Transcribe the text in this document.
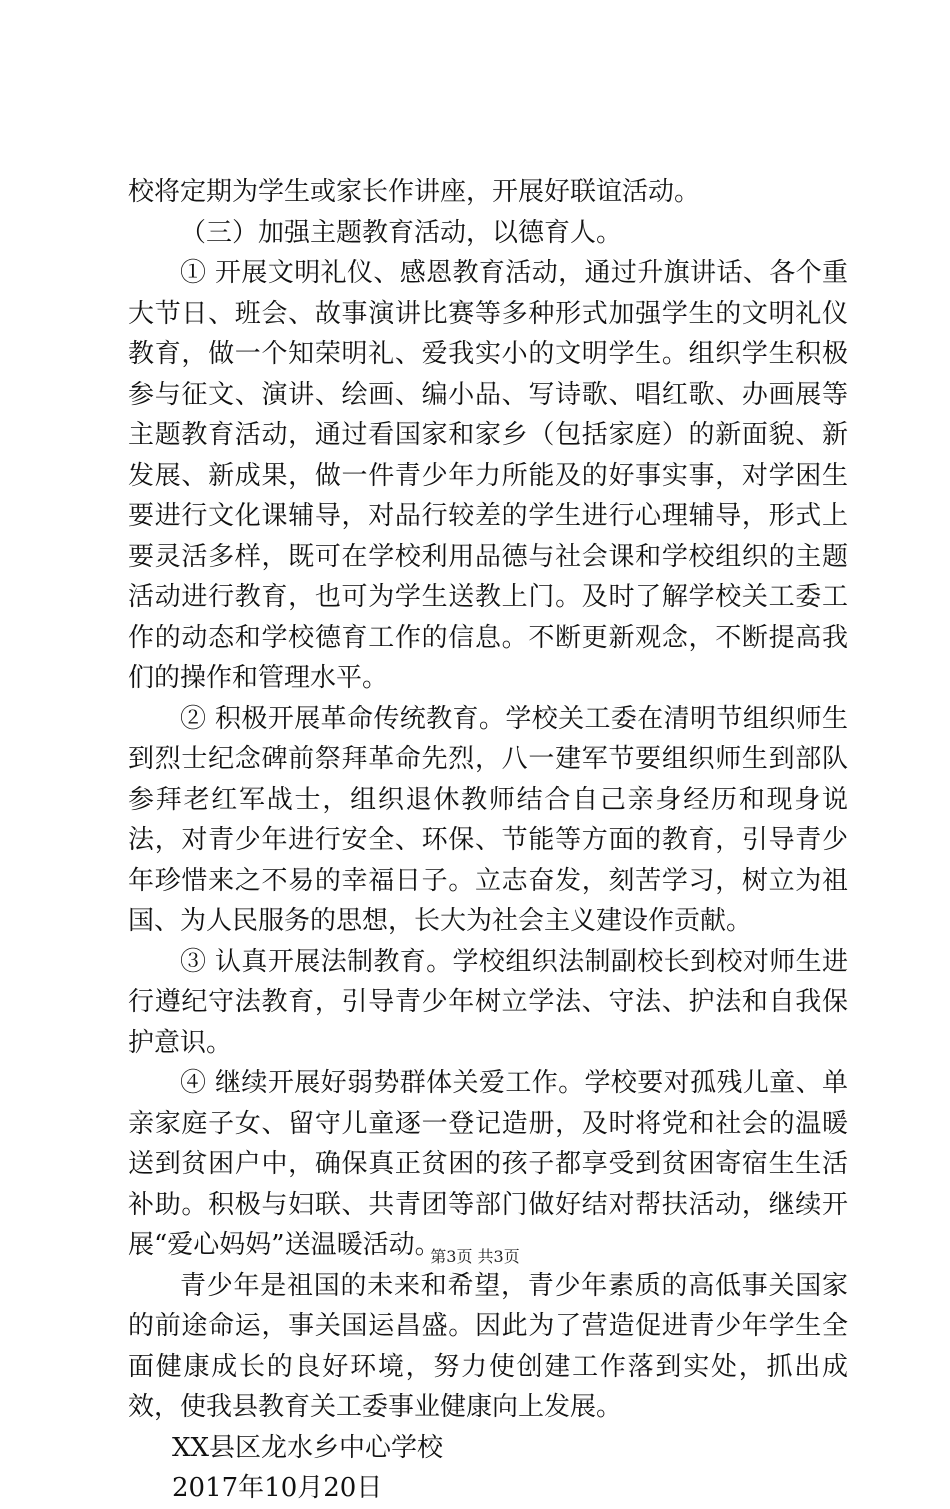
校将定期为学生或家长作讲座，开展好联谊活动。

（三）加强主题教育活动，以德育人。

① 开展文明礼仪、感恩教育活动，通过升旗讲话、各个重大节日、班会、故事演讲比赛等多种形式加强学生的文明礼仪教育，做一个知荣明礼、爱我实小的文明学生。组织学生积极参与征文、演讲、绘画、编小品、写诗歌、唱红歌、办画展等主题教育活动，通过看国家和家乡（包括家庭）的新面貌、新发展、新成果，做一件青少年力所能及的好事实事，对学困生要进行文化课辅导，对品行较差的学生进行心理辅导，形式上要灵活多样，既可在学校利用品德与社会课和学校组织的主题活动进行教育，也可为学生送教上门。及时了解学校关工委工作的动态和学校德育工作的信息。不断更新观念，不断提高我们的操作和管理水平。

② 积极开展革命传统教育。学校关工委在清明节组织师生到烈士纪念碑前祭拜革命先烈，八一建军节要组织师生到部队参拜老红军战士，组织退休教师结合自己亲身经历和现身说法，对青少年进行安全、环保、节能等方面的教育，引导青少年珍惜来之不易的幸福日子。立志奋发，刻苦学习，树立为祖国、为人民服务的思想，长大为社会主义建设作贡献。

③ 认真开展法制教育。学校组织法制副校长到校对师生进行遵纪守法教育，引导青少年树立学法、守法、护法和自我保护意识。

④ 继续开展好弱势群体关爱工作。学校要对孤残儿童、单亲家庭子女、留守儿童逐一登记造册，及时将党和社会的温暖送到贫困户中，确保真正贫困的孩子都享受到贫困寄宿生生活补助。积极与妇联、共青团等部门做好结对帮扶活动，继续开展“爱心妈妈”送温暖活动。

青少年是祖国的未来和希望，青少年素质的高低事关国家的前途命运，事关国运昌盛。因此为了营造促进青少年学生全面健康成长的良好环境，努力使创建工作落到实处，抓出成效，使我县教育关工委事业健康向上发展。

XX县区龙水乡中心学校

2017年10月20日

第3页 共3页
